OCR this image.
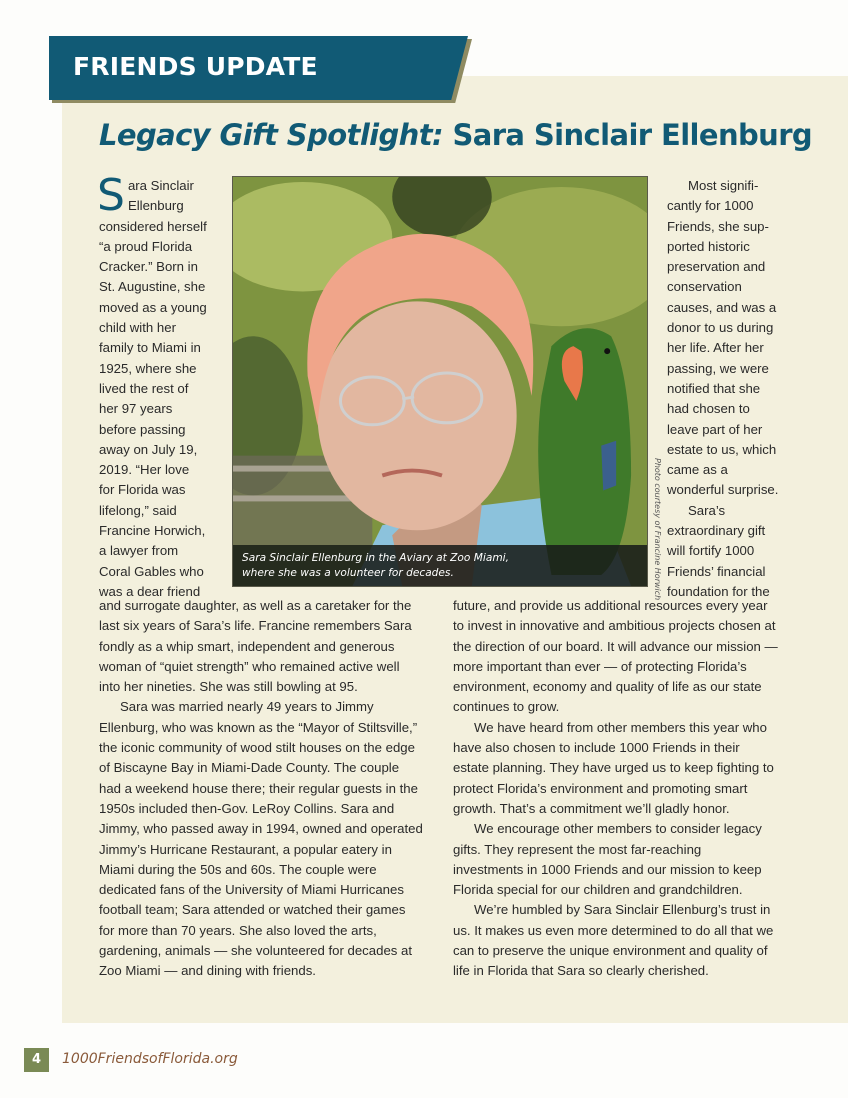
FRIENDS UPDATE
Legacy Gift Spotlight: Sara Sinclair Ellenburg
S ara Sinclair
Ellenburg
considered herself
“a proud Florida
Cracker.” Born in
St. Augustine, she
moved as a young
child with her
family to Miami in
1925, where she
lived the rest of
her 97 years
before passing
away on July 19,
2019. “Her love
for Florida was
lifelong,” said
Francine Horwich,
a lawyer from
Coral Gables who
was a dear friend
Sara Sinclair Ellenburg in the Aviary at Zoo Miami,
where she was a volunteer for decades.	Photo courtesy of Francine Horwich
Most signifi-
cantly for 1000
Friends, she sup-
ported historic
preservation and
conservation
causes, and was a
donor to us during
her life. After her
passing, we were
notified that she
had chosen to
leave part of her
estate to us, which
came as a
wonderful surprise.
Sara’s
extraordinary gift
will fortify 1000
Friends’ financial
foundation for the
and surrogate daughter, as well as a caretaker for the
last six years of Sara’s life. Francine remembers Sara
fondly as a whip smart, independent and generous
woman of “quiet strength” who remained active well
into her nineties. She was still bowling at 95.
Sara was married nearly 49 years to Jimmy
Ellenburg, who was known as the “Mayor of Stiltsville,”
the iconic community of wood stilt houses on the edge
of Biscayne Bay in Miami-Dade County. The couple
had a weekend house there; their regular guests in the
1950s included then-Gov. LeRoy Collins. Sara and
Jimmy, who passed away in 1994, owned and operated
Jimmy’s Hurricane Restaurant, a popular eatery in
Miami during the 50s and 60s. The couple were
dedicated fans of the University of Miami Hurricanes
football team; Sara attended or watched their games
for more than 70 years. She also loved the arts,
gardening, animals — she volunteered for decades at
Zoo Miami — and dining with friends.
future, and provide us additional resources every year
to invest in innovative and ambitious projects chosen at
the direction of our board. It will advance our mission —
more important than ever — of protecting Florida’s
environment, economy and quality of life as our state
continues to grow.
We have heard from other members this year who
have also chosen to include 1000 Friends in their
estate planning. They have urged us to keep fighting to
protect Florida’s environment and promoting smart
growth. That’s a commitment we’ll gladly honor.
We encourage other members to consider legacy
gifts. They represent the most far-reaching
investments in 1000 Friends and our mission to keep
Florida special for our children and grandchildren.
We’re humbled by Sara Sinclair Ellenburg’s trust in
us. It makes us even more determined to do all that we
can to preserve the unique environment and quality of
life in Florida that Sara so clearly cherished.
4	1000FriendsofFlorida.org
